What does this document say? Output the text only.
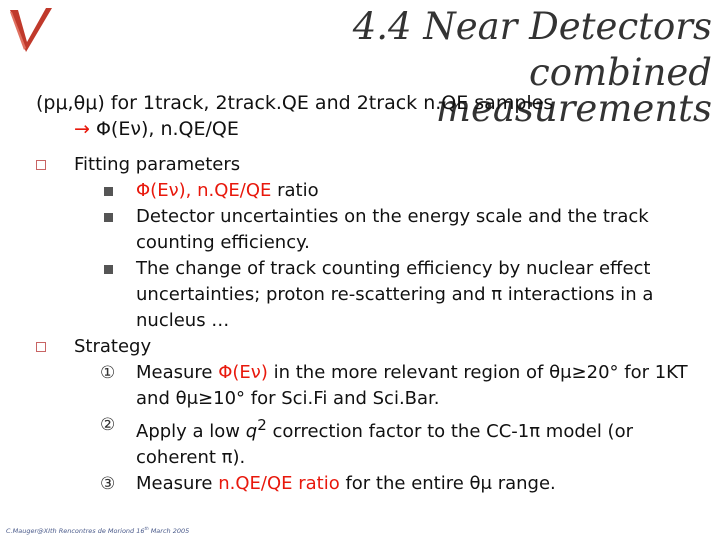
4.4 Near Detectors combined
measurements
(pμ,θμ) for 1track, 2track.QE and 2track n.QE samples
→ Φ(Eν), n.QE/QE
Fitting parameters
Φ(Eν), n.QE/QE ratio
Detector uncertainties on the energy scale and the track counting efficiency.
The change of track counting efficiency by nuclear effect uncertainties; proton re-scattering and π interactions in a nucleus …
Strategy
① Measure Φ(Eν) in the more relevant region of θμ≥20° for 1KT and θμ≥10° for Sci.Fi and Sci.Bar.
② Apply a low $q^2$ correction factor to the CC-1π model (or coherent π).
③ Measure n.QE/QE ratio for the entire θμ range.
C.Mauger@XIth Rencontres de Moriond 16th March 2005
